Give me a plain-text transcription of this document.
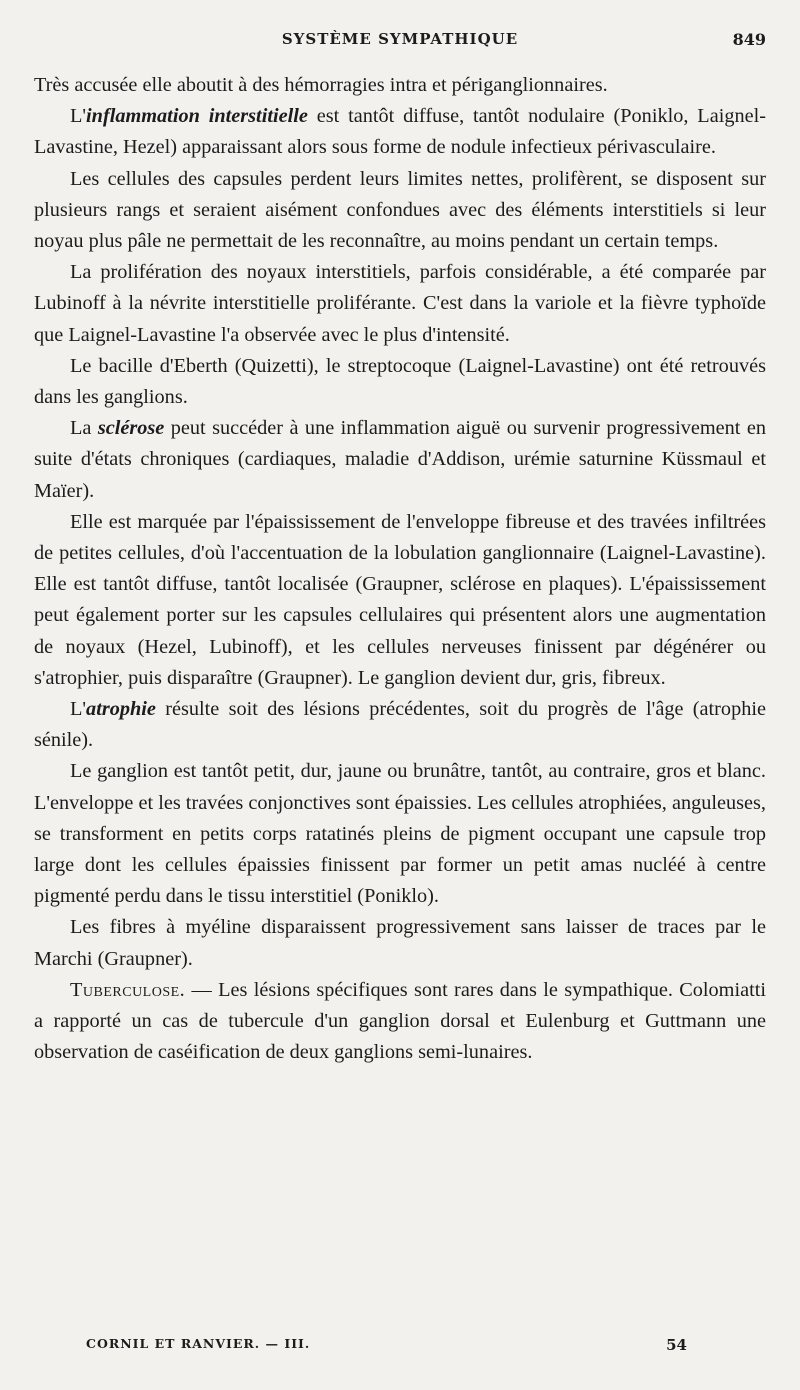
SYSTÈME SYMPATHIQUE	849

Très accusée elle aboutit à des hémorragies intra et périganglionnaires.

L'inflammation interstitielle est tantôt diffuse, tantôt nodulaire (Poniklo, Laignel-Lavastine, Hezel) apparaissant alors sous forme de nodule infectieux périvasculaire.

Les cellules des capsules perdent leurs limites nettes, prolifèrent, se disposent sur plusieurs rangs et seraient aisément confondues avec des éléments interstitiels si leur noyau plus pâle ne permettait de les reconnaître, au moins pendant un certain temps.

La prolifération des noyaux interstitiels, parfois considérable, a été comparée par Lubinoff à la névrite interstitielle proliférante. C'est dans la variole et la fièvre typhoïde que Laignel-Lavastine l'a observée avec le plus d'intensité.

Le bacille d'Eberth (Quizetti), le streptocoque (Laignel-Lavastine) ont été retrouvés dans les ganglions.

La sclérose peut succéder à une inflammation aiguë ou survenir progressivement en suite d'états chroniques (cardiaques, maladie d'Addison, urémie saturnine Küssmaul et Maïer).

Elle est marquée par l'épaississement de l'enveloppe fibreuse et des travées infiltrées de petites cellules, d'où l'accentuation de la lobulation ganglionnaire (Laignel-Lavastine). Elle est tantôt diffuse, tantôt localisée (Graupner, sclérose en plaques). L'épaississement peut également porter sur les capsules cellulaires qui présentent alors une augmentation de noyaux (Hezel, Lubinoff), et les cellules nerveuses finissent par dégénérer ou s'atrophier, puis disparaître (Graupner). Le ganglion devient dur, gris, fibreux.

L'atrophie résulte soit des lésions précédentes, soit du progrès de l'âge (atrophie sénile).

Le ganglion est tantôt petit, dur, jaune ou brunâtre, tantôt, au contraire, gros et blanc. L'enveloppe et les travées conjonctives sont épaissies. Les cellules atrophiées, anguleuses, se transforment en petits corps ratatinés pleins de pigment occupant une capsule trop large dont les cellules épaissies finissent par former un petit amas nucléé à centre pigmenté perdu dans le tissu interstitiel (Poniklo).

Les fibres à myéline disparaissent progressivement sans laisser de traces par le Marchi (Graupner).

Tuberculose. — Les lésions spécifiques sont rares dans le sympathique. Colomiatti a rapporté un cas de tubercule d'un ganglion dorsal et Eulenburg et Guttmann une observation de caséification de deux ganglions semi-lunaires.

CORNIL ET RANVIER. — III.	54
